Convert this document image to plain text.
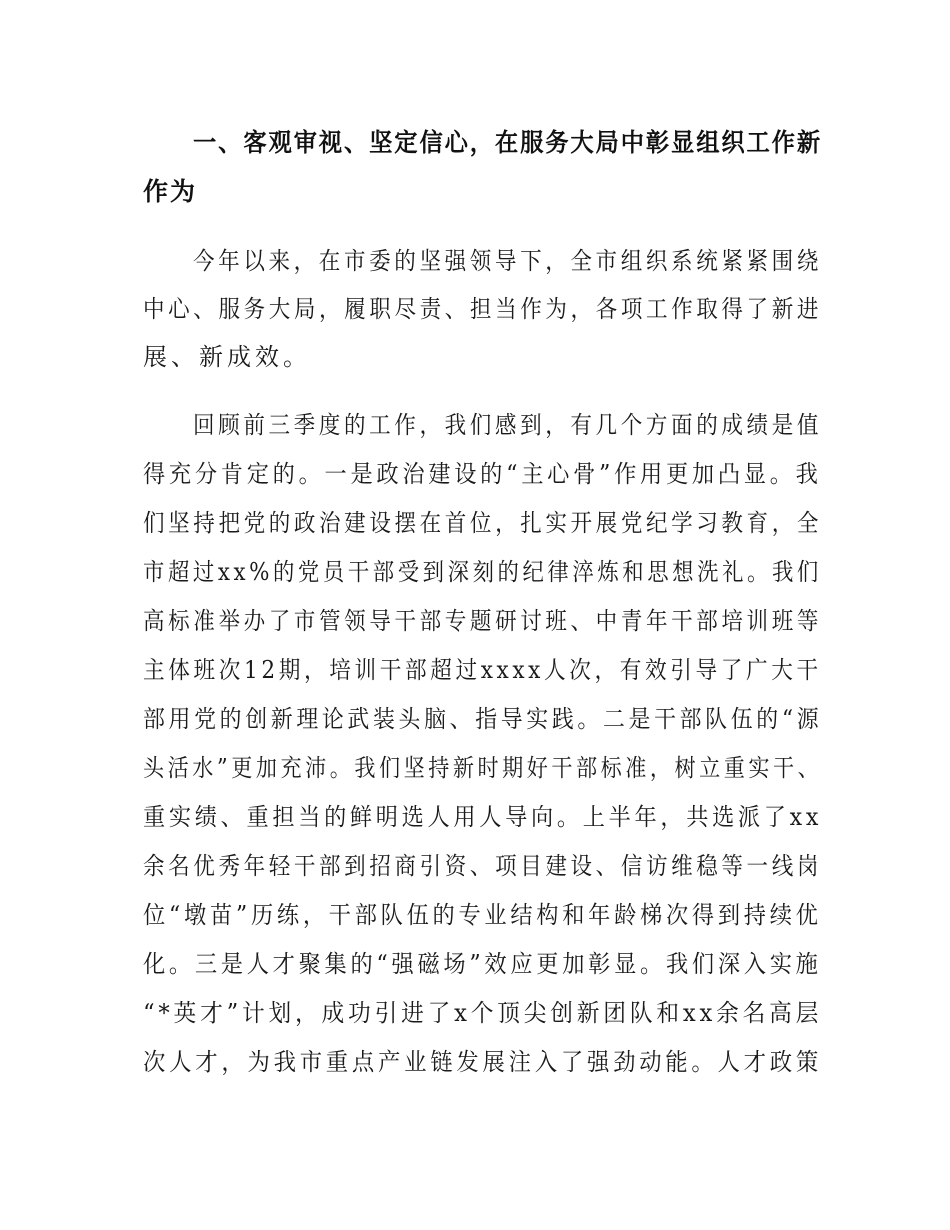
一、客观审视、坚定信心，在服务大局中彰显组织工作新
作为
今年以来，在市委的坚强领导下，全市组织系统紧紧围绕
中心、服务大局，履职尽责、担当作为，各项工作取得了新进
展、新成效。
回顾前三季度的工作，我们感到，有几个方面的成绩是值
得充分肯定的。一是政治建设的“主心骨”作用更加凸显。我
们坚持把党的政治建设摆在首位，扎实开展党纪学习教育，全
市超过xx%的党员干部受到深刻的纪律淬炼和思想洗礼。我们
高标准举办了市管领导干部专题研讨班、中青年干部培训班等
主体班次12期，培训干部超过xxxx人次，有效引导了广大干
部用党的创新理论武装头脑、指导实践。二是干部队伍的“源
头活水”更加充沛。我们坚持新时期好干部标准，树立重实干、
重实绩、重担当的鲜明选人用人导向。上半年，共选派了xx
余名优秀年轻干部到招商引资、项目建设、信访维稳等一线岗
位“墩苗”历练，干部队伍的专业结构和年龄梯次得到持续优
化。三是人才聚集的“强磁场”效应更加彰显。我们深入实施
“*英才”计划，成功引进了x个顶尖创新团队和xx余名高层
次人才，为我市重点产业链发展注入了强劲动能。人才政策
